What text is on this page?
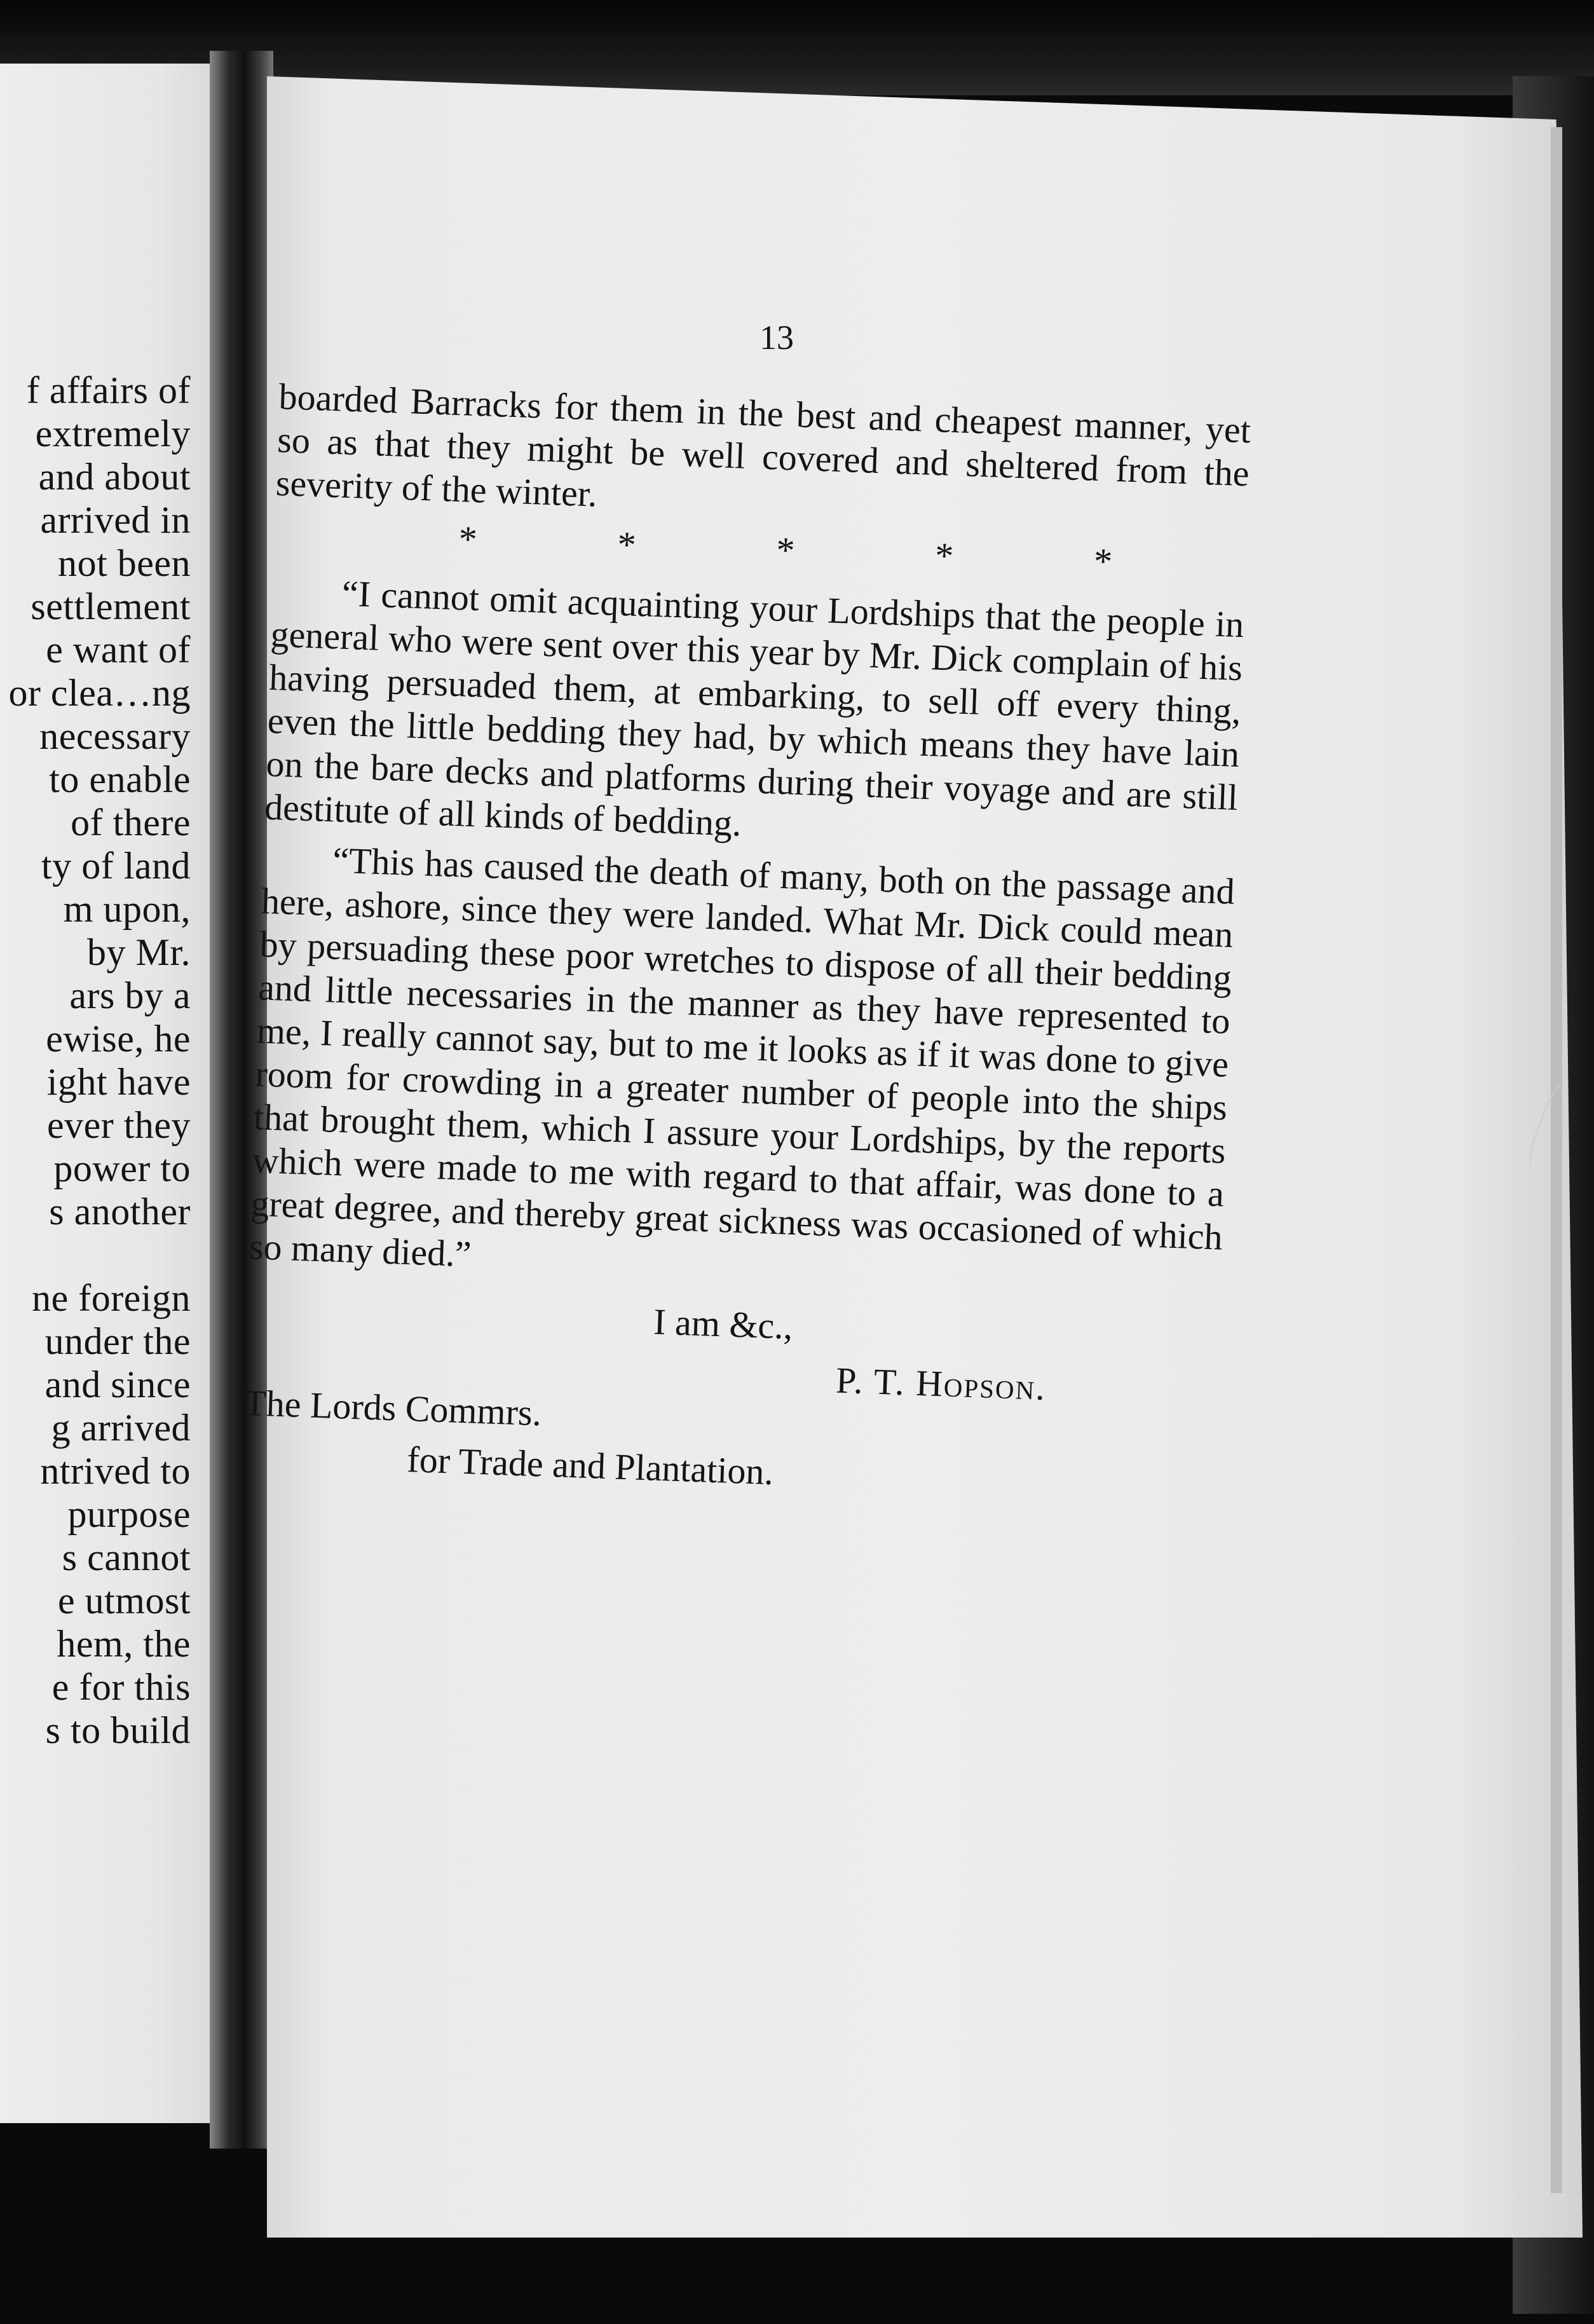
f affairs of
extremely
and about
arrived in
not been
settlement
e want of
or clea…ng
necessary
to enable
of there
ty of land
m upon,
by Mr.
ars by a
ewise, he
ight have
ever they
power to
s another
ne foreign
under the
and since
g arrived
ntrived to
purpose
s cannot
e utmost
hem, the
e for this
s to build
13

boarded Barracks for them in the best and cheapest manner, yet so as that they might be well covered and sheltered from the severity of the winter.

*	*	*	*	*

“I cannot omit acquainting your Lordships that the people in general who were sent over this year by Mr. Dick complain of his having persuaded them, at embarking, to sell off every thing, even the little bedding they had, by which means they have lain on the bare decks and platforms during their voyage and are still destitute of all kinds of bedding.

“This has caused the death of many, both on the passage and here, ashore, since they were landed. What Mr. Dick could mean by persuading these poor wretches to dispose of all their bedding and little necessaries in the manner as they have represented to me, I really cannot say, but to me it looks as if it was done to give room for crowding in a greater number of people into the ships that brought them, which I assure your Lordships, by the reports which were made to me with regard to that affair, was done to a great degree, and thereby great sickness was occasioned of which so many died.”

I am &c.,

P. T. Hopson.

The Lords Commrs.

for Trade and Plantation.
